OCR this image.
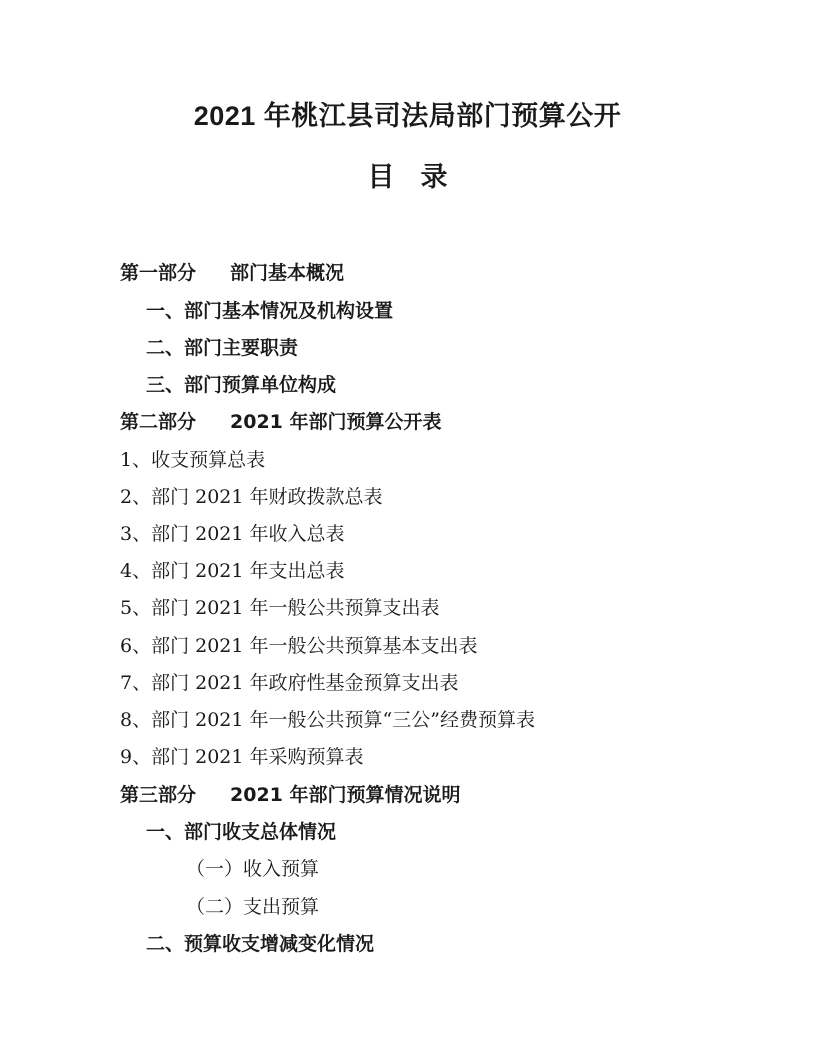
2021 年桃江县司法局部门预算公开
目录
第一部分 部门基本概况
一、部门基本情况及机构设置
二、部门主要职责
三、部门预算单位构成
第二部分 2021 年部门预算公开表
1、收支预算总表
2、部门 2021 年财政拨款总表
3、部门 2021 年收入总表
4、部门 2021 年支出总表
5、部门 2021 年一般公共预算支出表
6、部门 2021 年一般公共预算基本支出表
7、部门 2021 年政府性基金预算支出表
8、部门 2021 年一般公共预算“三公”经费预算表
9、部门 2021 年采购预算表
第三部分 2021 年部门预算情况说明
一、部门收支总体情况
（一）收入预算
（二）支出预算
二、预算收支增减变化情况
